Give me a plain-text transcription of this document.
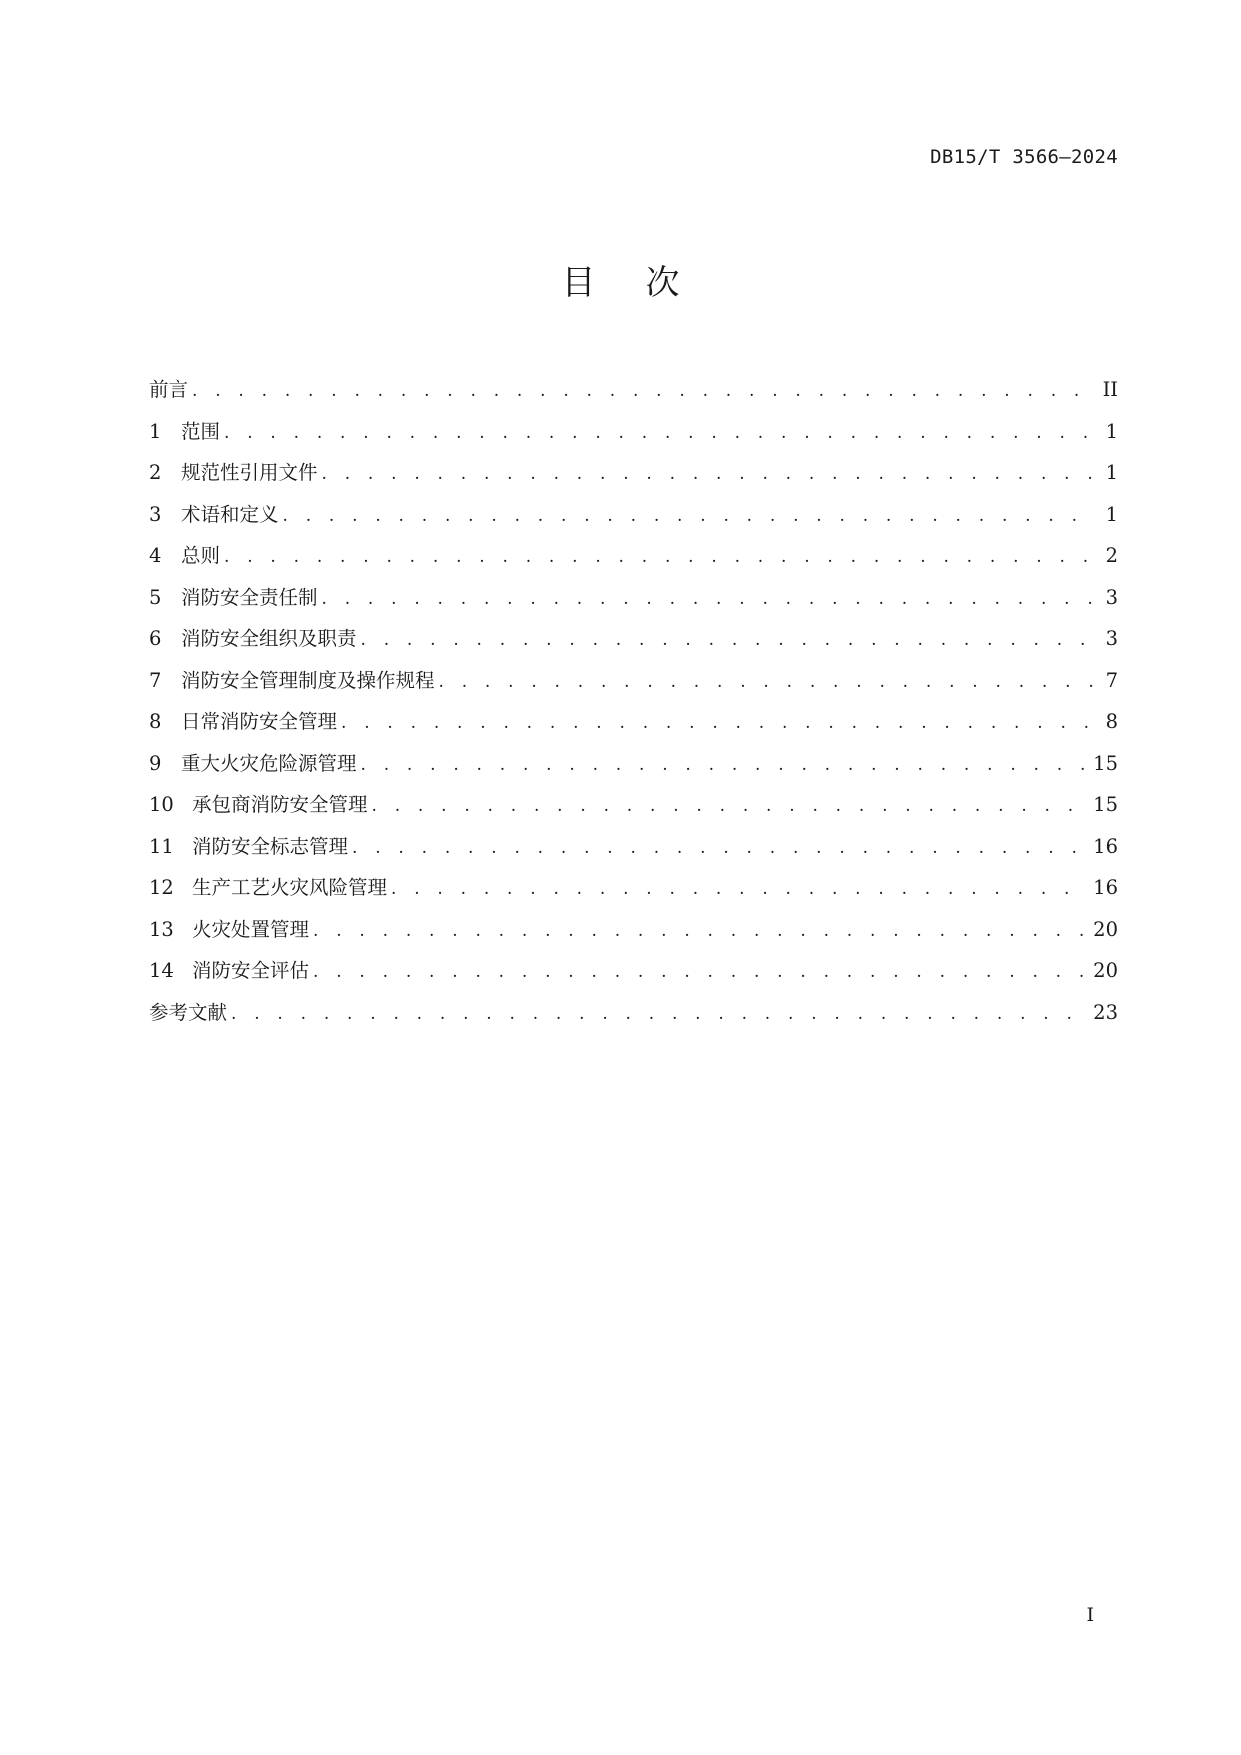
DB15/T 3566—2024
目次
前言 . . .	II
1	范围 . . .	1
2	规范性引用文件 . . .	1
3	术语和定义 . . .	1
4	总则 . . .	2
5	消防安全责任制 . . .	3
6	消防安全组织及职责 . . .	3
7	消防安全管理制度及操作规程 . . .	7
8	日常消防安全管理 . . .	8
9	重大火灾危险源管理 . . .	15
10 承包商消防安全管理 . . .	15
11 消防安全标志管理 . . .	16
12 生产工艺火灾风险管理 . . .	16
13 火灾处置管理 . . .	20
14 消防安全评估 . . .	20
参考文献 . . .	23
I
